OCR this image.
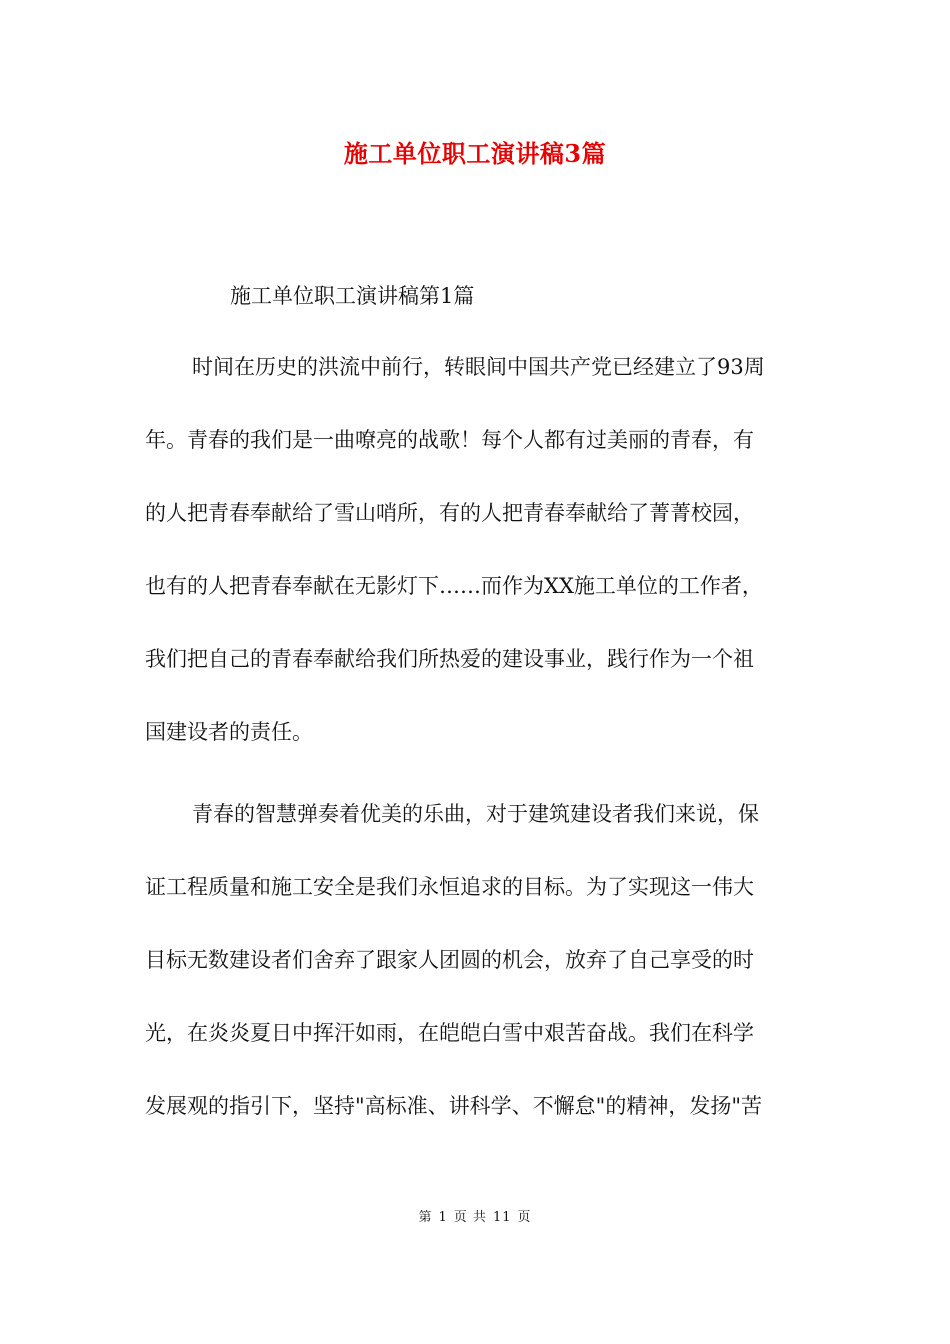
施工单位职工演讲稿3篇
施工单位职工演讲稿第1篇
时间在历史的洪流中前行，转眼间中国共产党已经建立了93周
年。青春的我们是一曲嘹亮的战歌！每个人都有过美丽的青春，有
的人把青春奉献给了雪山哨所，有的人把青春奉献给了菁菁校园，
也有的人把青春奉献在无影灯下……而作为XX施工单位的工作者，
我们把自己的青春奉献给我们所热爱的建设事业，践行作为一个祖
国建设者的责任。
青春的智慧弹奏着优美的乐曲，对于建筑建设者我们来说，保
证工程质量和施工安全是我们永恒追求的目标。为了实现这一伟大
目标无数建设者们舍弃了跟家人团圆的机会，放弃了自己享受的时
光，在炎炎夏日中挥汗如雨，在皑皑白雪中艰苦奋战。我们在科学
发展观的指引下，坚持"高标准、讲科学、不懈怠"的精神，发扬"苦
第 1 页 共 11 页
